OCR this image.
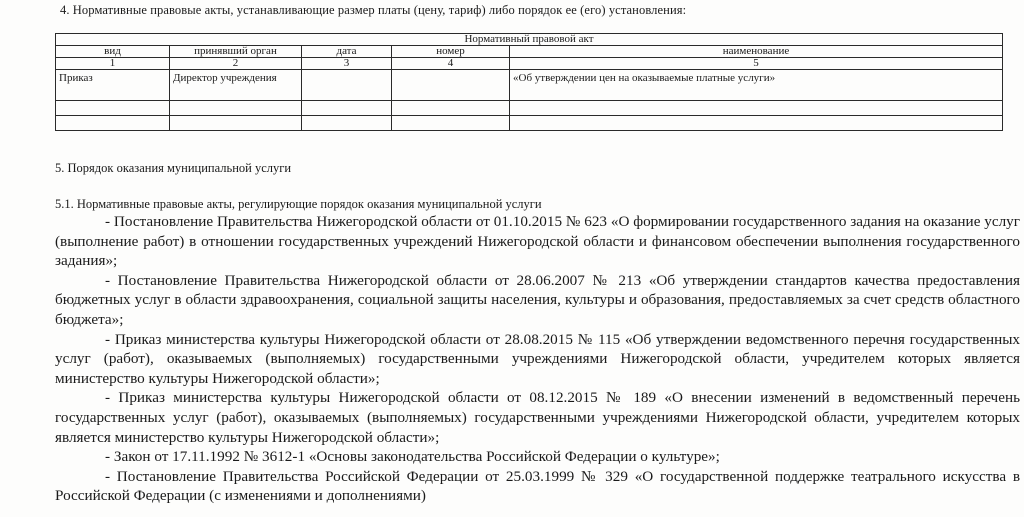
4. Нормативные правовые акты, устанавливающие размер платы (цену, тариф) либо порядок ее (его) установления:
Нормативный правовой акт				
вид	принявший орган	дата	номер	наименование
1	2	3	4	5
Приказ	Директор учреждения			«Об утверждении цен на оказываемые платные услуги»

5. Порядок оказания муниципальной услуги
5.1. Нормативные правовые акты, регулирующие порядок оказания муниципальной услуги

- Постановление Правительства Нижегородской области от 01.10.2015 № 623 «О формировании государственного задания на оказание услуг (выполнение работ) в отношении государственных учреждений Нижегородской области и финансовом обеспечении выполнения государственного задания»;

- Постановление Правительства Нижегородской области от 28.06.2007 № 213 «Об утверждении стандартов качества предоставления бюджетных услуг в области здравоохранения, социальной защиты населения, культуры и образования, предоставляемых за счет средств областного бюджета»;

- Приказ министерства культуры Нижегородской области от 28.08.2015 № 115 «Об утверждении ведомственного перечня государственных услуг (работ), оказываемых (выполняемых) государственными учреждениями Нижегородской области, учредителем которых является министерство культуры Нижегородской области»;

- Приказ министерства культуры Нижегородской области от 08.12.2015 № 189 «О внесении изменений в ведомственный перечень государственных услуг (работ), оказываемых (выполняемых) государственными учреждениями Нижегородской области, учредителем которых является министерство культуры Нижегородской области»;

- Закон от 17.11.1992 № 3612-1 «Основы законодательства Российской Федерации о культуре»;

- Постановление Правительства Российской Федерации от 25.03.1999 № 329 «О государственной поддержке театрального искусства в Российской Федерации (с изменениями и дополнениями)
